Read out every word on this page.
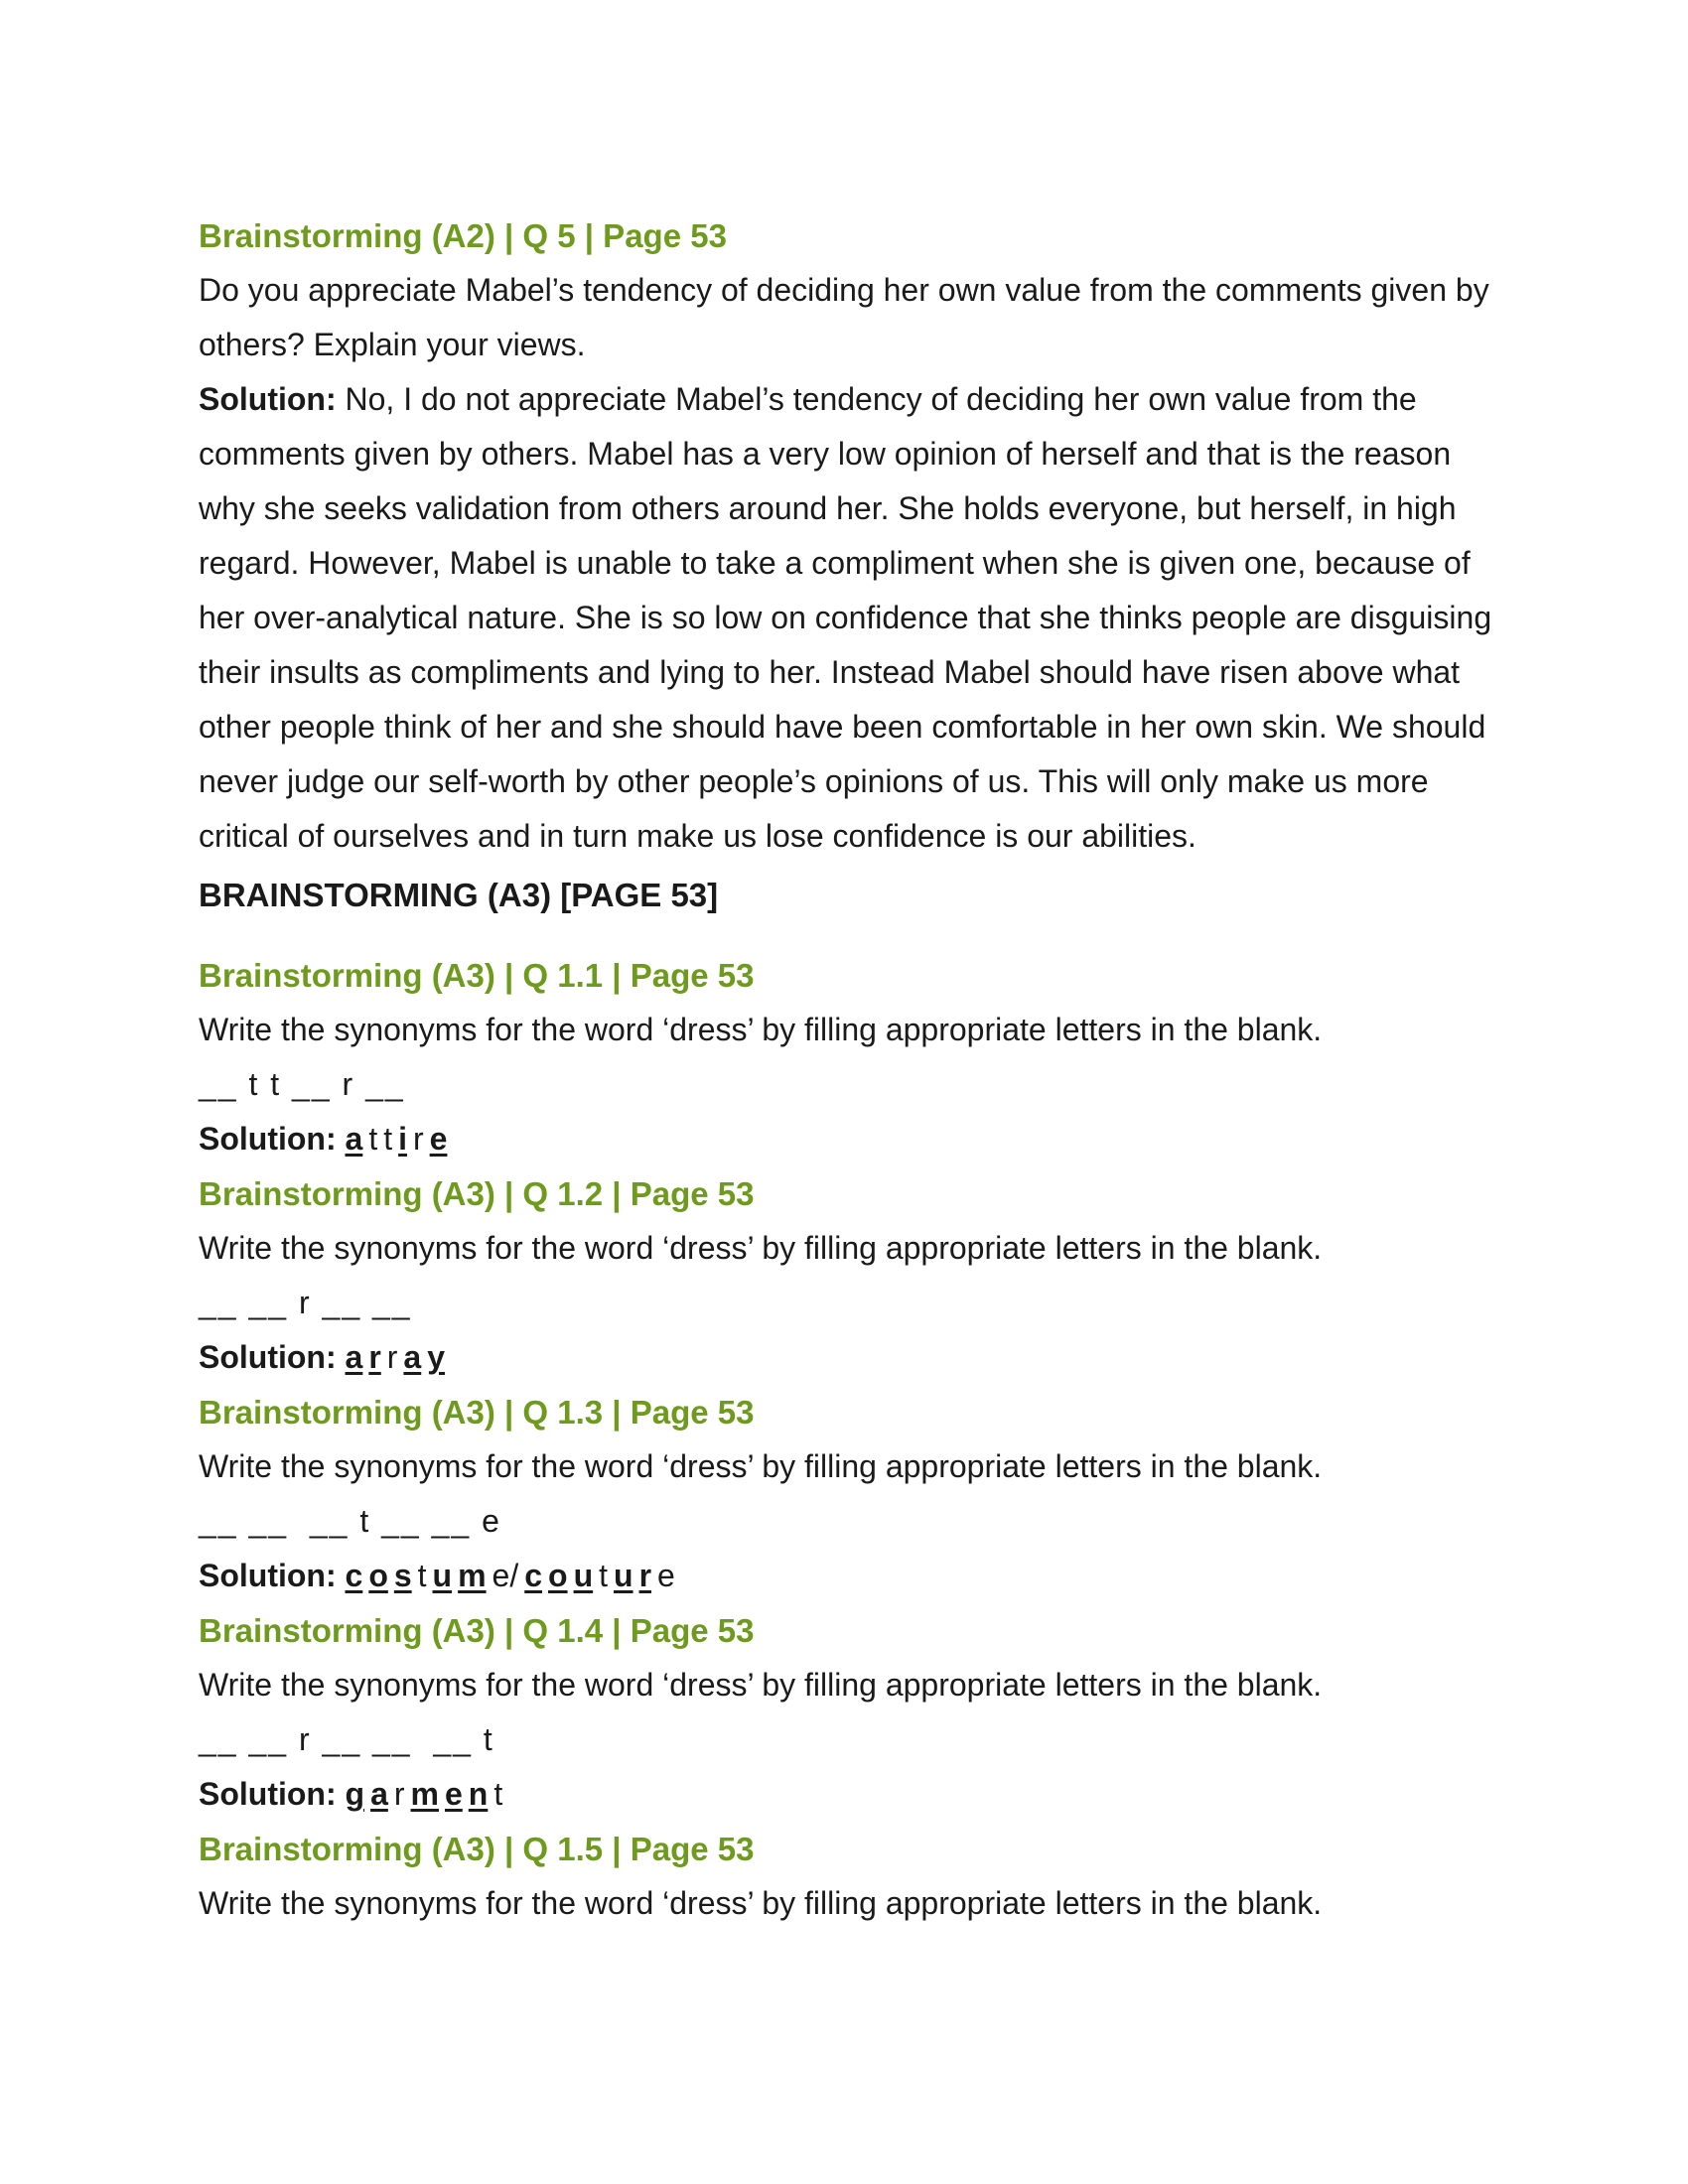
Brainstorming (A2) | Q 5 | Page 53

Do you appreciate Mabel’s tendency of deciding her own value from the comments given by others? Explain your views.

Solution: No, I do not appreciate Mabel’s tendency of deciding her own value from the comments given by others. Mabel has a very low opinion of herself and that is the reason why she seeks validation from others around her. She holds everyone, but herself, in high regard. However, Mabel is unable to take a compliment when she is given one, because of her over-analytical nature. She is so low on confidence that she thinks people are disguising their insults as compliments and lying to her. Instead Mabel should have risen above what other people think of her and she should have been comfortable in her own skin. We should never judge our self-worth by other people’s opinions of us. This will only make us more critical of ourselves and in turn make us lose confidence is our abilities.

BRAINSTORMING (A3) [PAGE 53]

Brainstorming (A3) | Q 1.1 | Page 53

Write the synonyms for the word ‘dress’ by filling appropriate letters in the blank.

__ t t __ r __

Solution: a t t i r e

Brainstorming (A3) | Q 1.2 | Page 53

Write the synonyms for the word ‘dress’ by filling appropriate letters in the blank.

__ __ r __ __

Solution: a r r a y

Brainstorming (A3) | Q 1.3 | Page 53

Write the synonyms for the word ‘dress’ by filling appropriate letters in the blank.

__ __  __ t __ __ e

Solution: c o s t u m e/ c o u t u r e

Brainstorming (A3) | Q 1.4 | Page 53

Write the synonyms for the word ‘dress’ by filling appropriate letters in the blank.

__ __ r __ __  __ t

Solution: g a r m e n t

Brainstorming (A3) | Q 1.5 | Page 53

Write the synonyms for the word ‘dress’ by filling appropriate letters in the blank.
